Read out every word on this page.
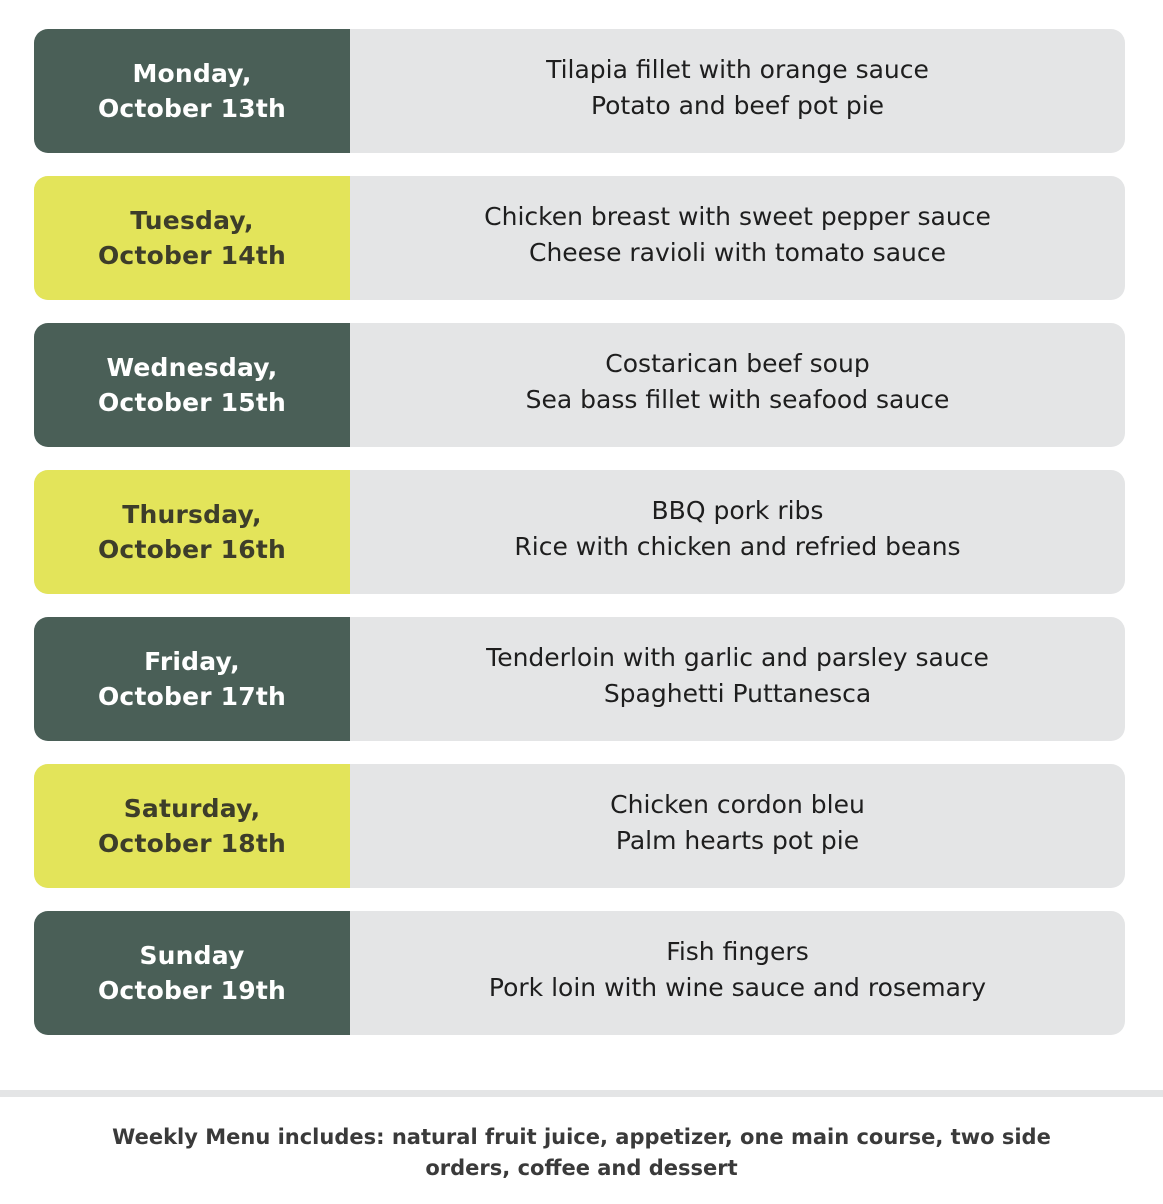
Monday,
October 13th
Tilapia fillet with orange sauce
Potato and beef pot pie
Tuesday,
October 14th
Chicken breast with sweet pepper sauce
Cheese ravioli with tomato sauce
Wednesday,
October 15th
Costarican beef soup
Sea bass fillet with seafood sauce
Thursday,
October 16th
BBQ pork ribs
Rice with chicken and refried beans
Friday,
October 17th
Tenderloin with garlic and parsley sauce
Spaghetti Puttanesca
Saturday,
October 18th
Chicken cordon bleu
Palm hearts pot pie
Sunday
October 19th
Fish fingers
Pork loin with wine sauce and rosemary
Weekly Menu includes: natural fruit juice, appetizer, one main course, two side orders, coffee and dessert
